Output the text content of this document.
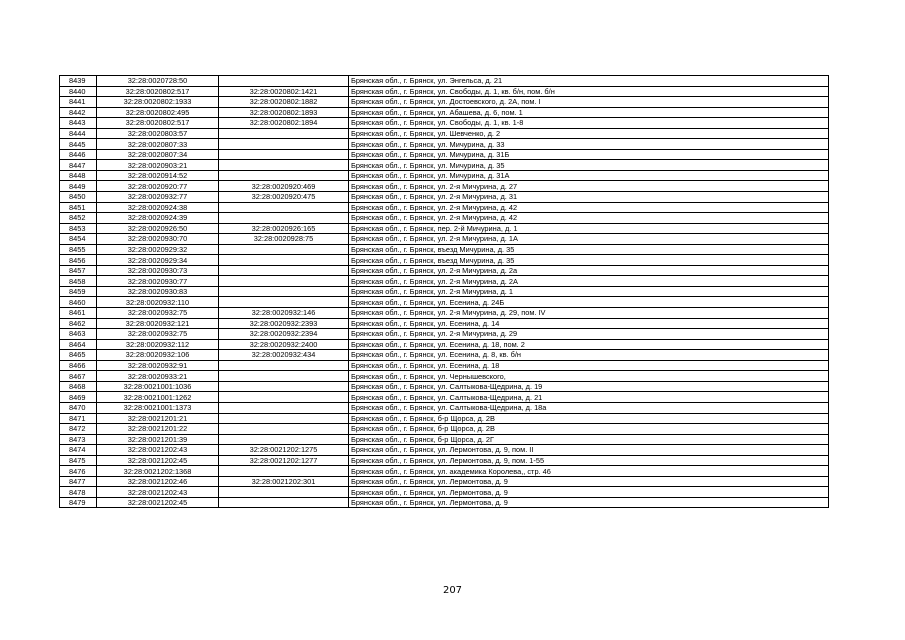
8439	32:28:0020728:50		Брянская обл., г. Брянск, ул. Энгельса, д. 21
8440	32:28:0020802:517	32:28:0020802:1421	Брянская обл., г. Брянск, ул. Свободы, д. 1, кв. б/н, пом. б/н
8441	32:28:0020802:1933	32:28:0020802:1882	Брянская обл., г. Брянск, ул. Достоевского, д. 2А, пом. I
8442	32:28:0020802:495	32:28:0020802:1893	Брянская обл., г. Брянск, ул. Абашева, д. 6, пом. 1
8443	32:28:0020802:517	32:28:0020802:1894	Брянская обл., г. Брянск, ул. Свободы, д. 1, кв. 1-8
8444	32:28:0020803:57		Брянская обл., г. Брянск, ул. Шевченко, д. 2
8445	32:28:0020807:33		Брянская обл., г. Брянск, ул. Мичурина, д. 33
8446	32:28:0020807:34		Брянская обл., г. Брянск, ул. Мичурина, д. 31Б
8447	32:28:0020903:21		Брянская обл., г. Брянск, ул. Мичурина, д. 35
8448	32:28:0020914:52		Брянская обл., г. Брянск, ул. Мичурина, д. 31А
8449	32:28:0020920:77	32:28:0020920:469	Брянская обл., г. Брянск, ул. 2-я Мичурина, д. 27
8450	32:28:0020932:77	32:28:0020920:475	Брянская обл., г. Брянск, ул. 2-я Мичурина, д. 31
8451	32:28:0020924:38		Брянская обл., г. Брянск, ул. 2-я Мичурина, д. 42
8452	32:28:0020924:39		Брянская обл., г. Брянск, ул. 2-я Мичурина, д. 42
8453	32:28:0020926:50	32:28:0020926:165	Брянская обл., г. Брянск, пер. 2-й Мичурина, д. 1
8454	32:28:0020930:70	32:28:0020928:75	Брянская обл., г. Брянск, ул. 2-я Мичурина, д. 1А
8455	32:28:0020929:32		Брянская обл., г. Брянск, въезд Мичурина, д. 35
8456	32:28:0020929:34		Брянская обл., г. Брянск, въезд Мичурина, д. 35
8457	32:28:0020930:73		Брянская обл., г. Брянск, ул. 2-я Мичурина, д. 2а
8458	32:28:0020930:77		Брянская обл., г. Брянск, ул. 2-я Мичурина, д. 2А
8459	32:28:0020930:83		Брянская обл., г. Брянск, ул. 2-я Мичурина, д. 1
8460	32:28:0020932:110		Брянская обл., г. Брянск, ул. Есенина, д. 24Б
8461	32:28:0020932:75	32:28:0020932:146	Брянская обл., г. Брянск, ул. 2-я Мичурина, д. 29, пом. IV
8462	32:28:0020932:121	32:28:0020932:2393	Брянская обл., г. Брянск, ул. Есенина, д. 14
8463	32:28:0020932:75	32:28:0020932:2394	Брянская обл., г. Брянск, ул. 2-я Мичурина, д. 29
8464	32:28:0020932:112	32:28:0020932:2400	Брянская обл., г. Брянск, ул. Есенина, д. 18, пом. 2
8465	32:28:0020932:106	32:28:0020932:434	Брянская обл., г. Брянск, ул. Есенина, д. 8, кв. б/н
8466	32:28:0020932:91		Брянская обл., г. Брянск, ул. Есенина, д. 18
8467	32:28:0020933:21		Брянская обл., г. Брянск, ул. Чернышевского,
8468	32:28:0021001:1036		Брянская обл., г. Брянск, ул. Салтыкова-Щедрина, д. 19
8469	32:28:0021001:1262		Брянская обл., г. Брянск, ул. Салтыкова-Щедрина, д. 21
8470	32:28:0021001:1373		Брянская обл., г. Брянск, ул. Салтыкова-Щедрина, д. 18а
8471	32:28:0021201:21		Брянская обл., г. Брянск, б-р Щорса, д. 2В
8472	32:28:0021201:22		Брянская обл., г. Брянск, б-р Щорса, д. 2В
8473	32:28:0021201:39		Брянская обл., г. Брянск, б-р Щорса, д. 2Г
8474	32:28:0021202:43	32:28:0021202:1275	Брянская обл., г. Брянск, ул. Лермонтова, д. 9, пом. II
8475	32:28:0021202:45	32:28:0021202:1277	Брянская обл., г. Брянск, ул. Лермонтова, д. 9, пом. 1-55
8476	32:28:0021202:1368		Брянская обл., г. Брянск, ул. академика Королева,, стр. 46
8477	32:28:0021202:46	32:28:0021202:301	Брянская обл., г. Брянск, ул. Лермонтова, д. 9
8478	32:28:0021202:43		Брянская обл., г. Брянск, ул. Лермонтова, д. 9
8479	32:28:0021202:45		Брянская обл., г. Брянск, ул. Лермонтова, д. 9
207
